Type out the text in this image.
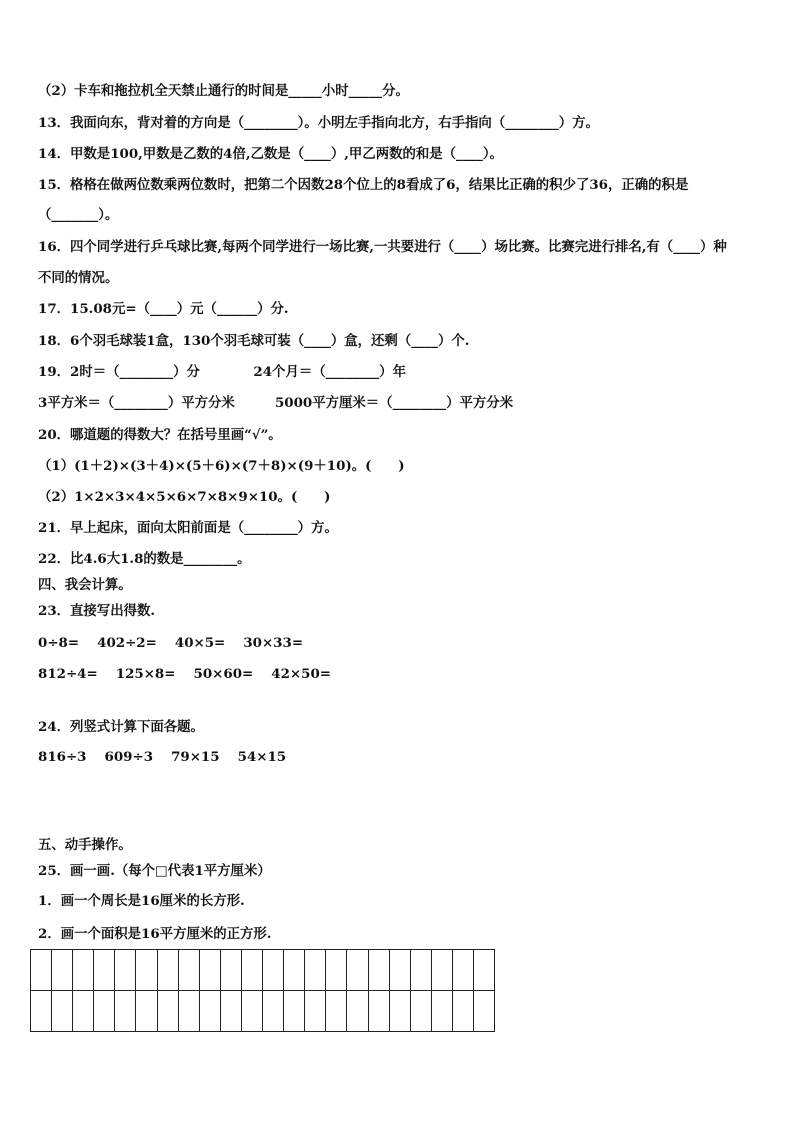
（2）卡车和拖拉机全天禁止通行的时间是_____小时_____分。
13．我面向东，背对着的方向是（________）。小明左手指向北方，右手指向（________）方。
14．甲数是100,甲数是乙数的4倍,乙数是（____）,甲乙两数的和是（____）。
15．格格在做两位数乘两位数时，把第二个因数28个位上的8看成了6，结果比正确的积少了36，正确的积是
（_______）。
16．四个同学进行乒乓球比赛,每两个同学进行一场比赛,一共要进行（____）场比赛。比赛完进行排名,有（____）种
不同的情况。
17．15.08元=（____）元（______）分.
18．6个羽毛球装1盒，130个羽毛球可装（____）盒，还剩（____）个.
19．2时＝（________）分　　　　24个月＝（________）年
3平方米＝（________）平方分米　　　5000平方厘米＝（________）平方分米
20．哪道题的得数大？在括号里画“√”。
（1）(1＋2)×(3＋4)×(5＋6)×(7＋8)×(9＋10)。(　　)
（2）1×2×3×4×5×6×7×8×9×10。(　　)
21．早上起床，面向太阳前面是（________）方。
22．比4.6大1.8的数是________。
四、我会计算。
23．直接写出得数.
0÷8=　 402÷2=　 40×5=　 30×33=
812÷4=　 125×8=　 50×60=　 42×50=
24．列竖式计算下面各题。
816÷3　 609÷3　 79×15　 54×15
五、动手操作。
25．画一画.（每个□代表1平方厘米）
1．画一个周长是16厘米的长方形.
2．画一个面积是16平方厘米的正方形.
